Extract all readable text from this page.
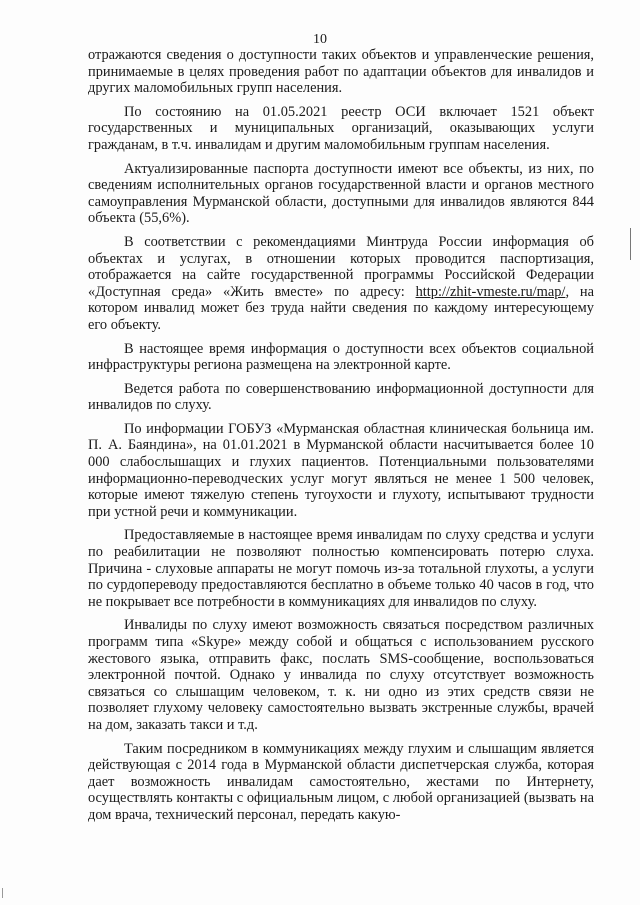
10

отражаются сведения о доступности таких объектов и управленческие решения, принимаемые в целях проведения работ по адаптации объектов для инвалидов и других маломобильных групп населения.

По состоянию на 01.05.2021 реестр ОСИ включает 1521 объект государственных и муниципальных организаций, оказывающих услуги гражданам, в т.ч. инвалидам и другим маломобильным группам населения.

Актуализированные паспорта доступности имеют все объекты, из них, по сведениям исполнительных органов государственной власти и органов местного самоуправления Мурманской области, доступными для инвалидов являются 844 объекта (55,6%).

В соответствии с рекомендациями Минтруда России информация об объектах и услугах, в отношении которых проводится паспортизация, отображается на сайте государственной программы Российской Федерации «Доступная среда» «Жить вместе» по адресу: http://zhit-vmeste.ru/map/, на котором инвалид может без труда найти сведения по каждому интересующему его объекту.

В настоящее время информация о доступности всех объектов социальной инфраструктуры региона размещена на электронной карте.

Ведется работа по совершенствованию информационной доступности для инвалидов по слуху.

По информации ГОБУЗ «Мурманская областная клиническая больница им. П. А. Баяндина», на 01.01.2021 в Мурманской области насчитывается более 10 000 слабослышащих и глухих пациентов. Потенциальными пользователями информационно-переводческих услуг могут являться не менее 1 500 человек, которые имеют тяжелую степень тугоухости и глухоту, испытывают трудности при устной речи и коммуникации.

Предоставляемые в настоящее время инвалидам по слуху средства и услуги по реабилитации не позволяют полностью компенсировать потерю слуха. Причина - слуховые аппараты не могут помочь из-за тотальной глухоты, а услуги по сурдопереводу предоставляются бесплатно в объеме только 40 часов в год, что не покрывает все потребности в коммуникациях для инвалидов по слуху.

Инвалиды по слуху имеют возможность связаться посредством различных программ типа «Skype» между собой и общаться с использованием русского жестового языка, отправить факс, послать SMS-сообщение, воспользоваться электронной почтой. Однако у инвалида по слуху отсутствует возможность связаться со слышащим человеком, т. к. ни одно из этих средств связи не позволяет глухому человеку самостоятельно вызвать экстренные службы, врачей на дом, заказать такси и т.д.

Таким посредником в коммуникациях между глухим и слышащим является действующая с 2014 года в Мурманской области диспетчерская служба, которая дает возможность инвалидам самостоятельно, жестами по Интернету, осуществлять контакты с официальным лицом, с любой организацией (вызвать на дом врача, технический персонал, передать какую-
